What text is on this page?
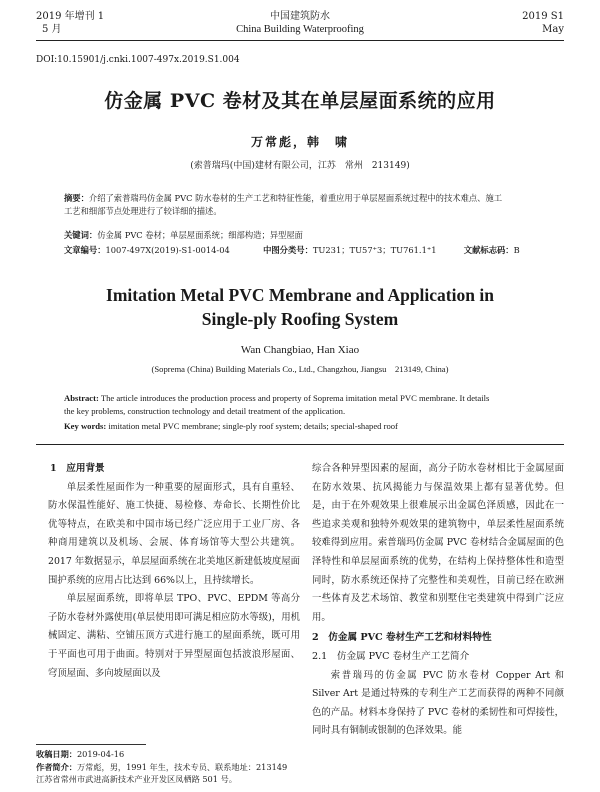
2019 年增刊 1
5 月
中国建筑防水
China Building Waterproofing
2019 S1
May
DOI:10.15901/j.cnki.1007-497x.2019.S1.004
仿金属 PVC 卷材及其在单层屋面系统的应用
万常彪，韩　啸
(索普瑞玛(中国)建材有限公司，江苏　常州　213149)
摘要：介绍了索普瑞玛仿金属 PVC 防水卷材的生产工艺和特征性能，着重应用于单层屋面系统过程中的技术难点、施工
工艺和细部节点处理进行了较详细的描述。
关键词：仿金属 PVC 卷材；单层屋面系统；细部构造；异型屋面
文章编号：1007-497X(2019)-S1-0014-04	中图分类号：TU231；TU57⁺3；TU761.1⁺1	文献标志码：B
Imitation Metal PVC Membrane and Application in
Single-ply Roofing System
Wan Changbiao, Han Xiao
(Soprema (China) Building Materials Co., Ltd., Changzhou, Jiangsu　213149, China)
Abstract: The article introduces the production process and property of Soprema imitation metal PVC membrane. It details
the key problems, construction technology and detail treatment of the application.
Key words: imitation metal PVC membrane; single-ply roof system; details; special-shaped roof

1　应用背景

单层柔性屋面作为一种重要的屋面形式，具有自重轻、防水保温性能好、施工快捷、易检修、寿命长、长期性价比优等特点，在欧美和中国市场已经广泛应用于工业厂房、各种商用建筑以及机场、会展、体育场馆等大型公共建筑。2017 年数据显示，单层屋面系统在北美地区新建低坡度屋面围护系统的应用占比达到 66%以上，且持续增长。

单层屋面系统，即将单层 TPO、PVC、EPDM 等高分子防水卷材外露使用(单层使用即可满足相应防水等级)，用机械固定、满粘、空铺压顶方式进行施工的屋面系统，既可用于平面也可用于曲面。特别对于异型屋面包括波浪形屋面、穹顶屋面、多向坡屋面以及

收稿日期：2019-04-16
作者简介：万常彪，男，1991 年生，技术专员、联系地址：213149
江苏省常州市武进高新技术产业开发区凤栖路 501 号。

综合各种异型因素的屋面，高分子防水卷材相比于金属屋面在防水效果、抗风揭能力与保温效果上都有显著优势。但是，由于在外观效果上很难展示出金属色泽质感，因此在一些追求美观和独特外观效果的建筑物中，单层柔性屋面系统较难得到应用。索普瑞玛仿金属 PVC 卷材结合金属屋面的色泽特性和单层屋面系统的优势，在结构上保持整体性和造型同时，防水系统还保持了完整性和美观性，目前已经在欧洲一些体育及艺术场馆、教堂和别墅住宅类建筑中得到广泛应用。

2　仿金属 PVC 卷材生产工艺和材料特性

2.1　仿金属 PVC 卷材生产工艺简介

索普瑞玛的仿金属 PVC 防水卷材 Copper Art 和 Silver Art 是通过特殊的专利生产工艺而获得的两种不同颜色的产品。材料本身保持了 PVC 卷材的柔韧性和可焊接性，同时具有铜制或银制的色泽效果。能
